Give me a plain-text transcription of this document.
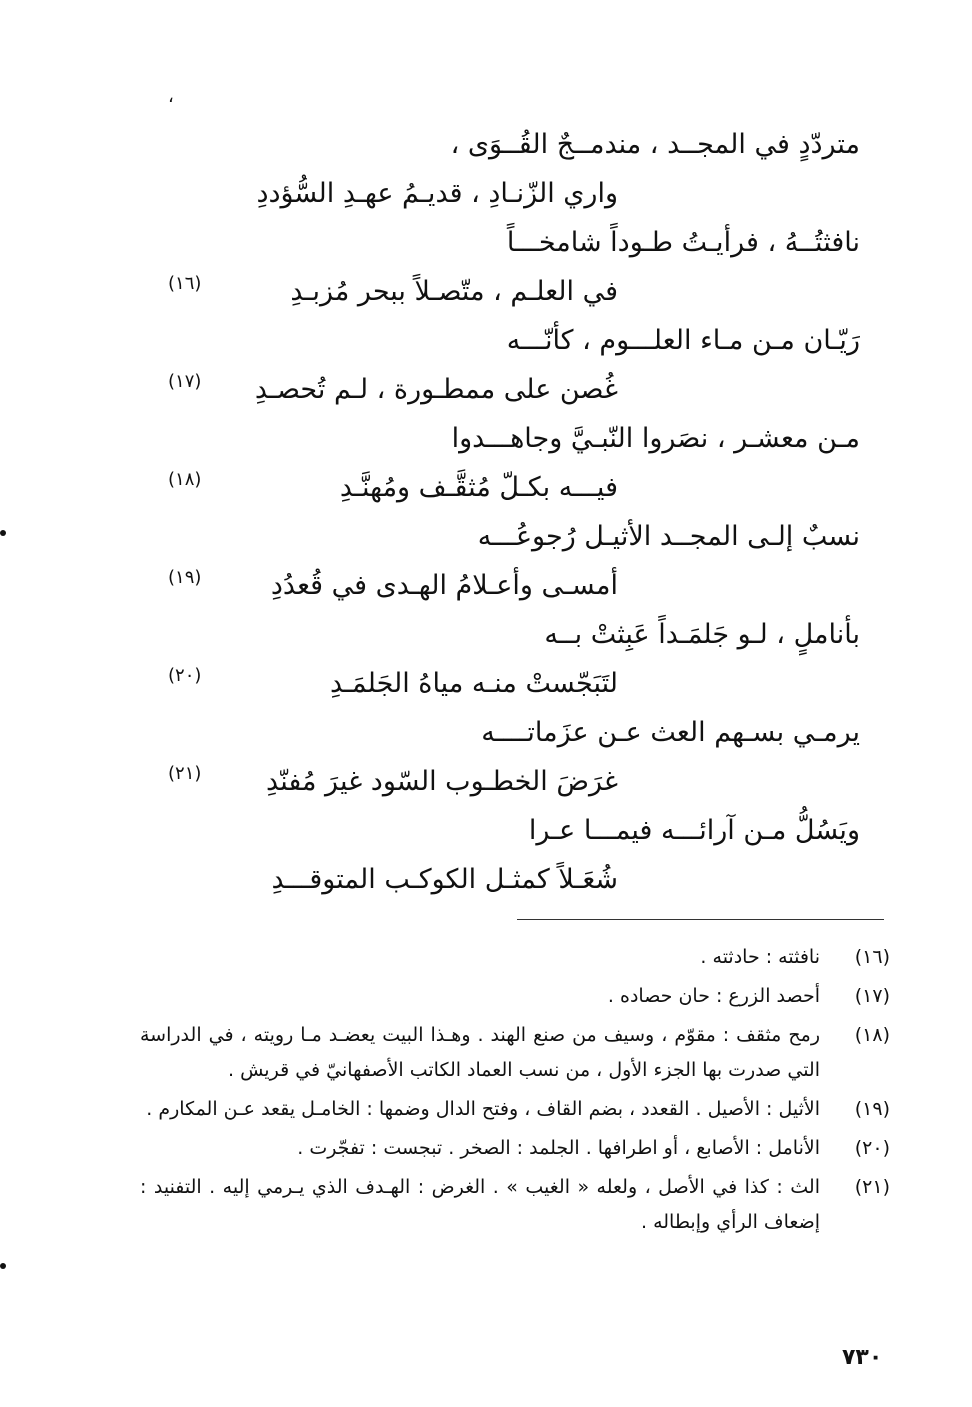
،
متردّدٍ في المجــد ، مندمــجٌ القُــوَى ،
واري الزّنـادِ ، قديـمُ عهـدِ السُّؤددِ
نافثتُــهُ ، فرأيـتُ طـوداً شامخـــاً
في العلـم ، متّصـلاً ببحر مُزبـدِ
(١٦)
رَيّـان مـن مـاء العلـــوم ، كأنّـــه
غُصن على ممطـورة ، لـم تُحصـدِ
(١٧)
مـن معشـر ، نصَروا النّبـيَّ وجاهـــدوا
فيـــه بكـلّ مُثقَّـف ومُهنَّـدِ
(١٨)
نسبٌ إلـى المجــد الأثيـل رُجوعُـــه
أمسـى وأعـلامُ الهـدى في قُعدُدِ
(١٩)
بأناملٍ ، لـو جَلمَـداً عَبِثتْ بــه
لتَبَجّستْ منـه مياهُ الجَلمَـدِ
(٢٠)
يرمـي بسـهم العث عـن عزَماتــــه
غرَضَ الخطـوب السّود غيرَ مُفنّدِ
(٢١)
ويَسُلُّ مـن آرائـــه فيمـــا عـرا
شُعَـلاً كمثـل الكوكـب المتوقـــدِ
(١٦)
نافثته : حادثته .
(١٧)
أحصد الزرع : حان حصاده .
(١٨)
رمح مثقف : مقوّم ، وسيف من صنع الهند . وهـذا البيت يعضـد مـا رويته ، في الدراسة التي صدرت بها الجزء الأول ، من نسب العماد الكاتب الأصفهانيّ في قريش .
(١٩)
الأثيل : الأصيل . القعدد ، بضم القاف ، وفتح الدال وضمها : الخامـل يقعد عـن المكارم .
(٢٠)
الأنامل : الأصابع ، أو اطرافها . الجلمد : الصخر . تبجست : تفجّرت .
(٢١)
الث : كذا في الأصل ، ولعله « الغيب » . الغرض : الهـدف الذي يـرمي إليه . التفنيد : إضعاف الرأي وإبطاله .
٧٣٠
